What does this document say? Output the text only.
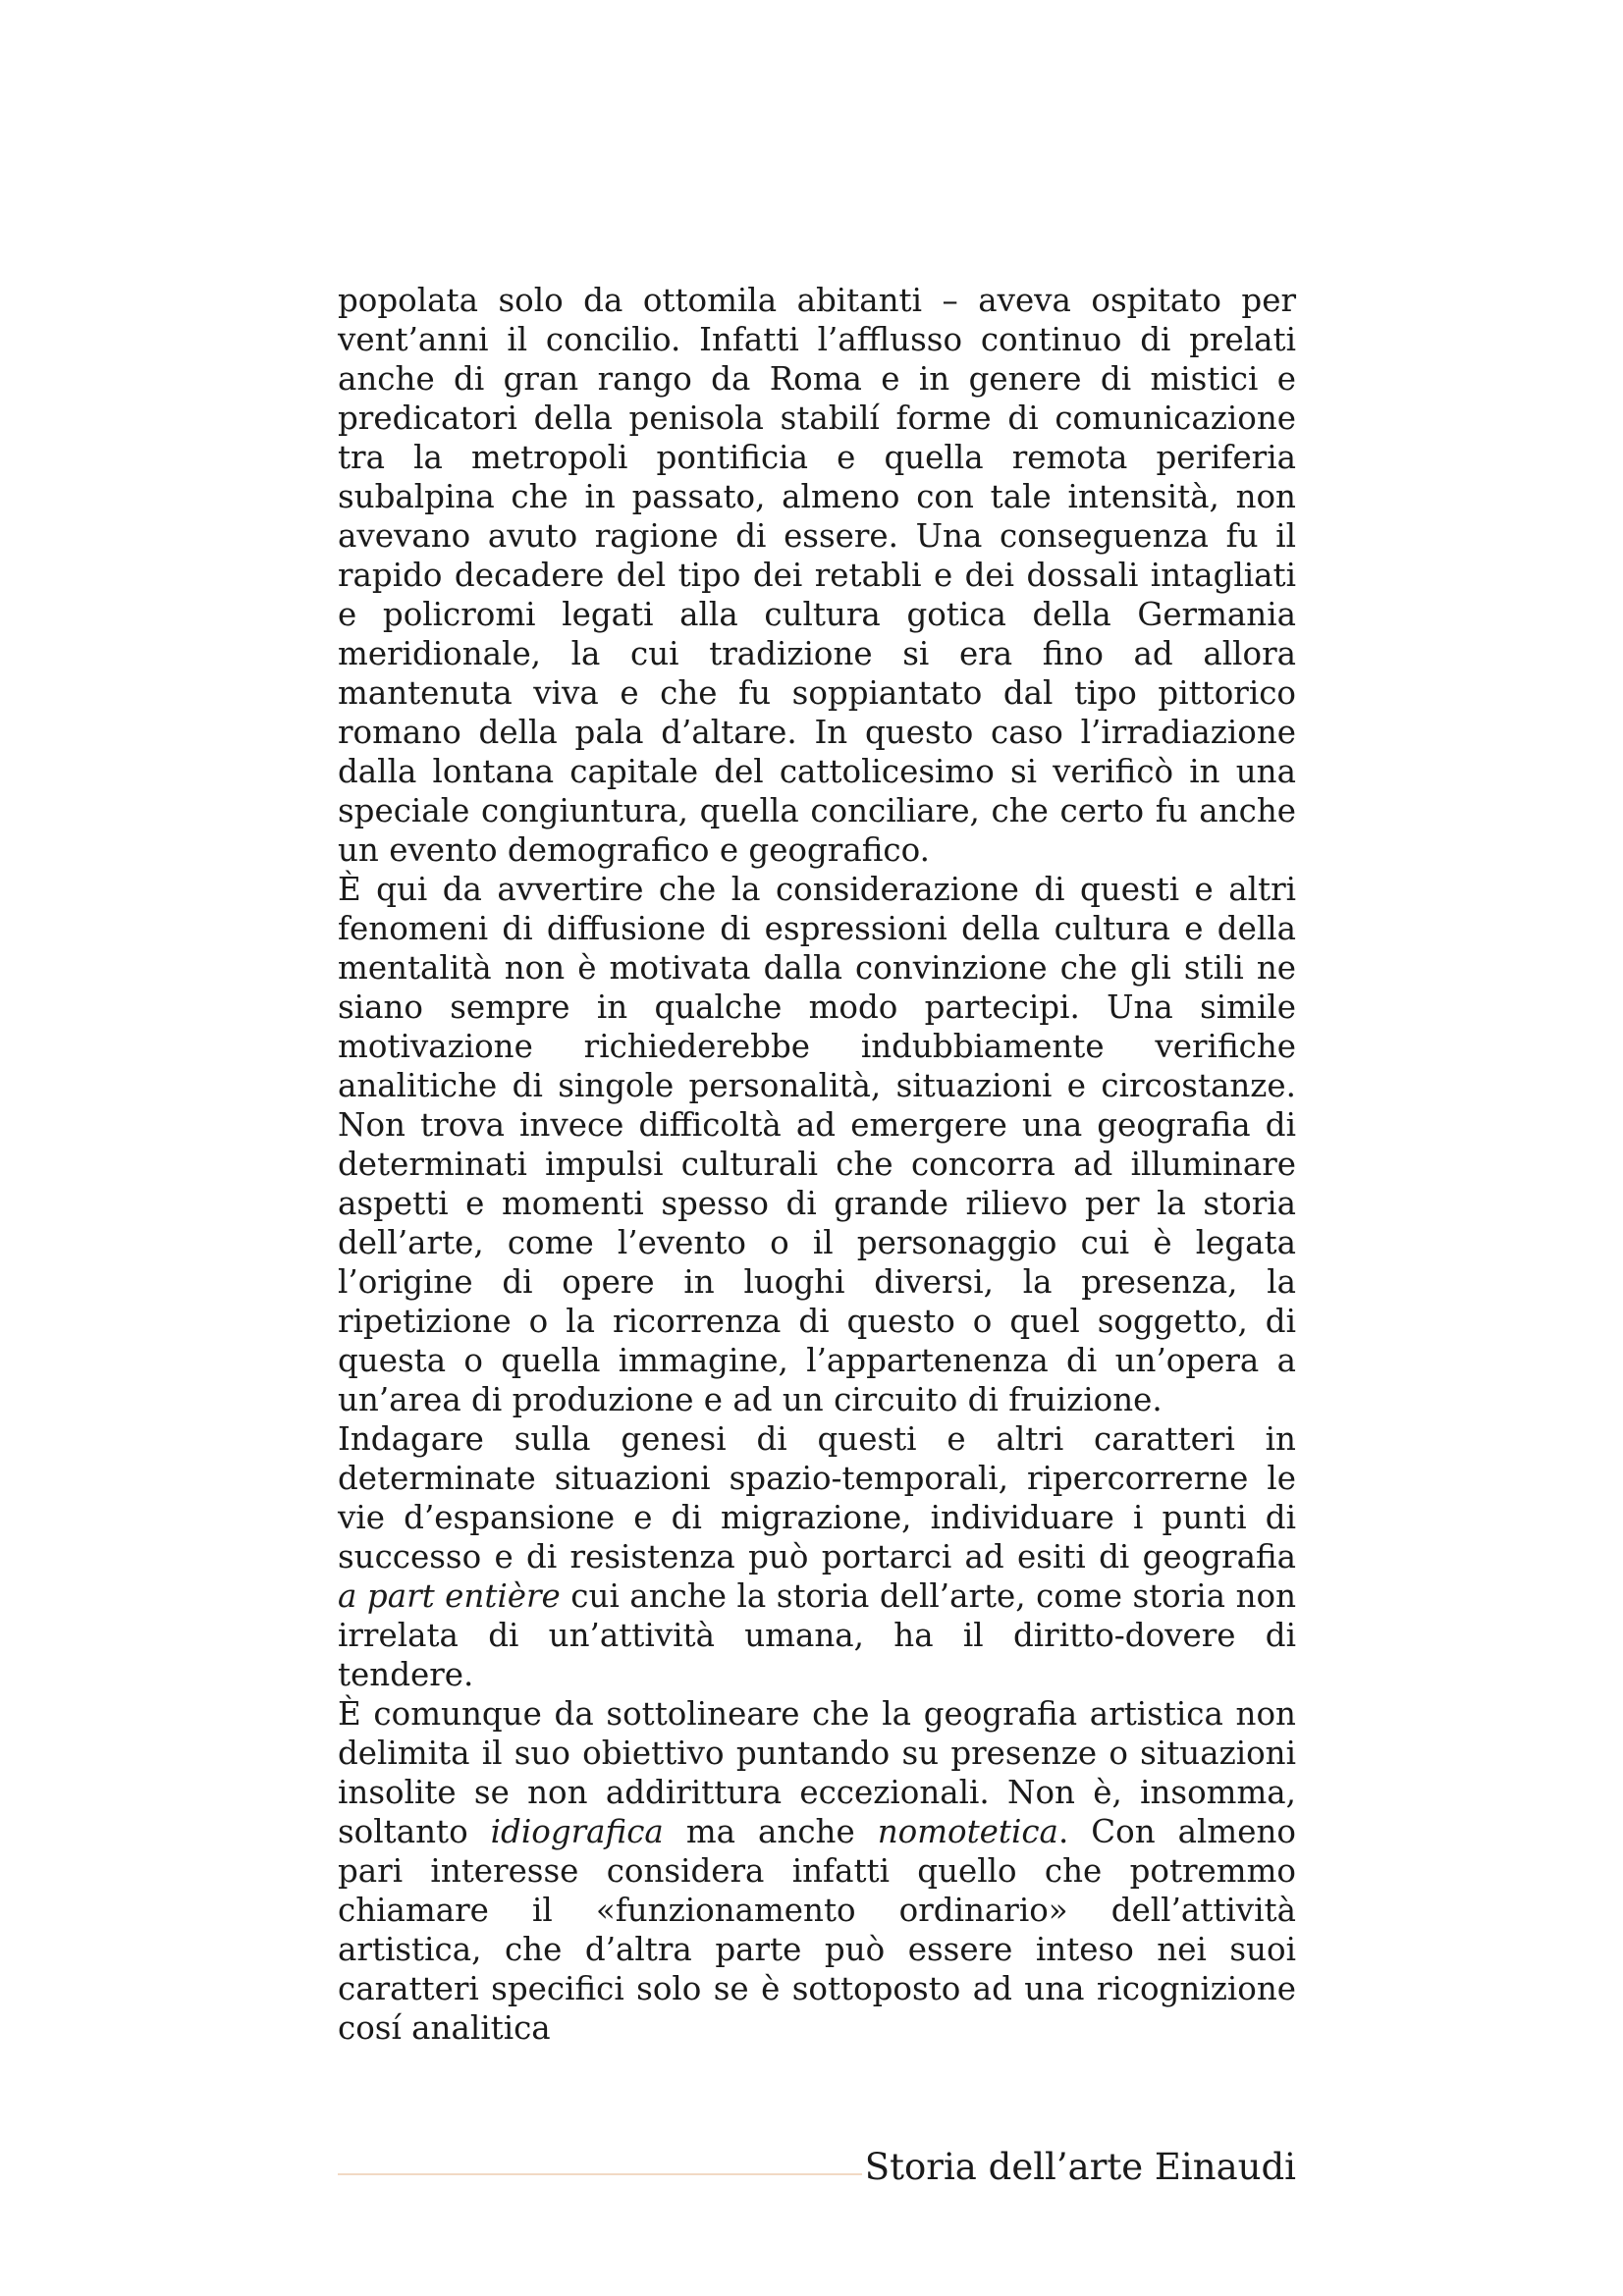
popolata solo da ottomila abitanti – aveva ospitato per vent’anni il concilio. Infatti l’afflusso continuo di prelati anche di gran rango da Roma e in genere di mistici e predicatori della penisola stabilí forme di comunicazione tra la metropoli pontificia e quella remota periferia subalpina che in passato, almeno con tale intensità, non avevano avuto ragione di essere. Una conseguenza fu il rapido decadere del tipo dei retabli e dei dossali intagliati e policromi legati alla cultura gotica della Germania meridionale, la cui tradizione si era fino ad allora mantenuta viva e che fu soppiantato dal tipo pittorico romano della pala d’altare. In questo caso l’irradiazione dalla lontana capitale del cattolicesimo si verificò in una speciale congiuntura, quella conciliare, che certo fu anche un evento demografico e geografico.

È qui da avvertire che la considerazione di questi e altri fenomeni di diffusione di espressioni della cultura e della mentalità non è motivata dalla convinzione che gli stili ne siano sempre in qualche modo partecipi. Una simile motivazione richiederebbe indubbiamente verifiche analitiche di singole personalità, situazioni e circostanze. Non trova invece difficoltà ad emergere una geografia di determinati impulsi culturali che concorra ad illuminare aspetti e momenti spesso di grande rilievo per la storia dell’arte, come l’evento o il personaggio cui è legata l’origine di opere in luoghi diversi, la presenza, la ripetizione o la ricorrenza di questo o quel soggetto, di questa o quella immagine, l’appartenenza di un’opera a un’area di produzione e ad un circuito di fruizione.

Indagare sulla genesi di questi e altri caratteri in determinate situazioni spazio-temporali, ripercorrerne le vie d’espansione e di migrazione, individuare i punti di successo e di resistenza può portarci ad esiti di geografia a part entière cui anche la storia dell’arte, come storia non irrelata di un’attività umana, ha il diritto-dovere di tendere.

È comunque da sottolineare che la geografia artistica non delimita il suo obiettivo puntando su presenze o situazioni insolite se non addirittura eccezionali. Non è, insomma, soltanto idiografica ma anche nomotetica. Con almeno pari interesse considera infatti quello che potremmo chiamare il «funzionamento ordinario» dell’attività artistica, che d’altra parte può essere inteso nei suoi caratteri specifici solo se è sottoposto ad una ricognizione cosí analitica

Storia dell’arte Einaudi
